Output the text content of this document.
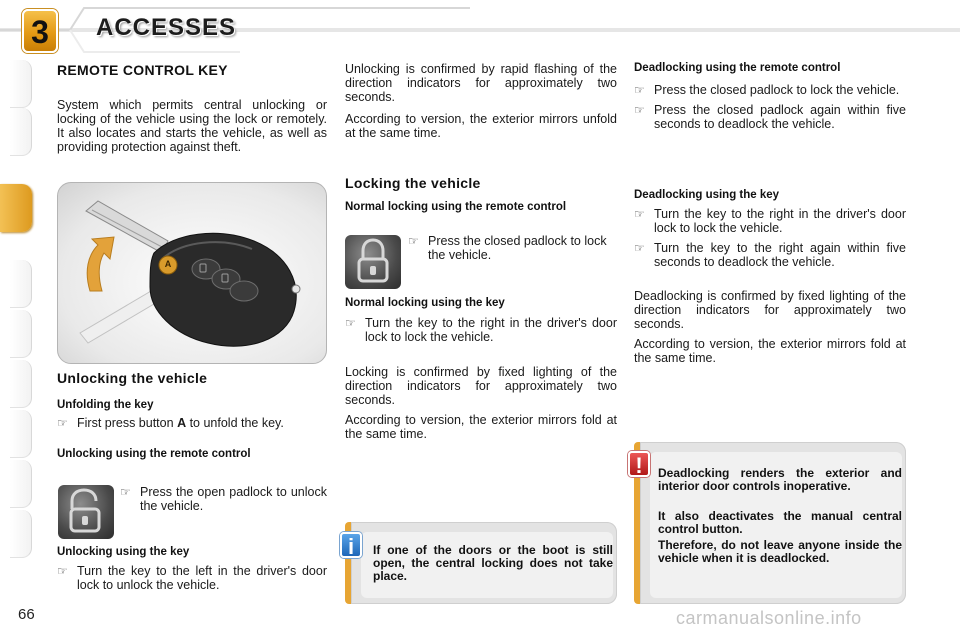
3	ACCESSES
REMOTE CONTROL KEY

System which permits central unlocking or locking of the vehicle using the lock or remotely. It also locates and starts the vehicle, as well as providing protection against theft.

A
Unlocking the vehicle
Unfolding the key
☞ First press button A to unfold the key.
Unlocking using the remote control
☞ Press the open padlock to unlock the vehicle.
Unlocking using the key
☞ Turn the key to the left in the driver's door lock to unlock the vehicle.

Unlocking is confirmed by rapid flashing of the direction indicators for approximately two seconds.

According to version, the exterior mirrors unfold at the same time.

Locking the vehicle
Normal locking using the remote control
☞ Press the closed padlock to lock the vehicle.
Normal locking using the key
☞ Turn the key to the right in the driver's door lock to lock the vehicle.

Locking is confirmed by fixed lighting of the direction indicators for approximately two seconds.

According to version, the exterior mirrors fold at the same time.

If one of the doors or the boot is still open, the central locking does not take place.
i
Deadlocking using the remote control
☞ Press the closed padlock to lock the vehicle.
☞ Press the closed padlock again within five seconds to deadlock the vehicle.
Deadlocking using the key
☞ Turn the key to the right in the driver's door lock to lock the vehicle.
☞ Turn the key to the right again within five seconds to deadlock the vehicle.

Deadlocking is confirmed by fixed lighting of the direction indicators for approximately two seconds.

According to version, the exterior mirrors fold at the same time.

Deadlocking renders the exterior and interior door controls inoperative.
It also deactivates the manual central control button.
Therefore, do not leave anyone inside the vehicle when it is deadlocked.
!
66	carmanualsonline.info
